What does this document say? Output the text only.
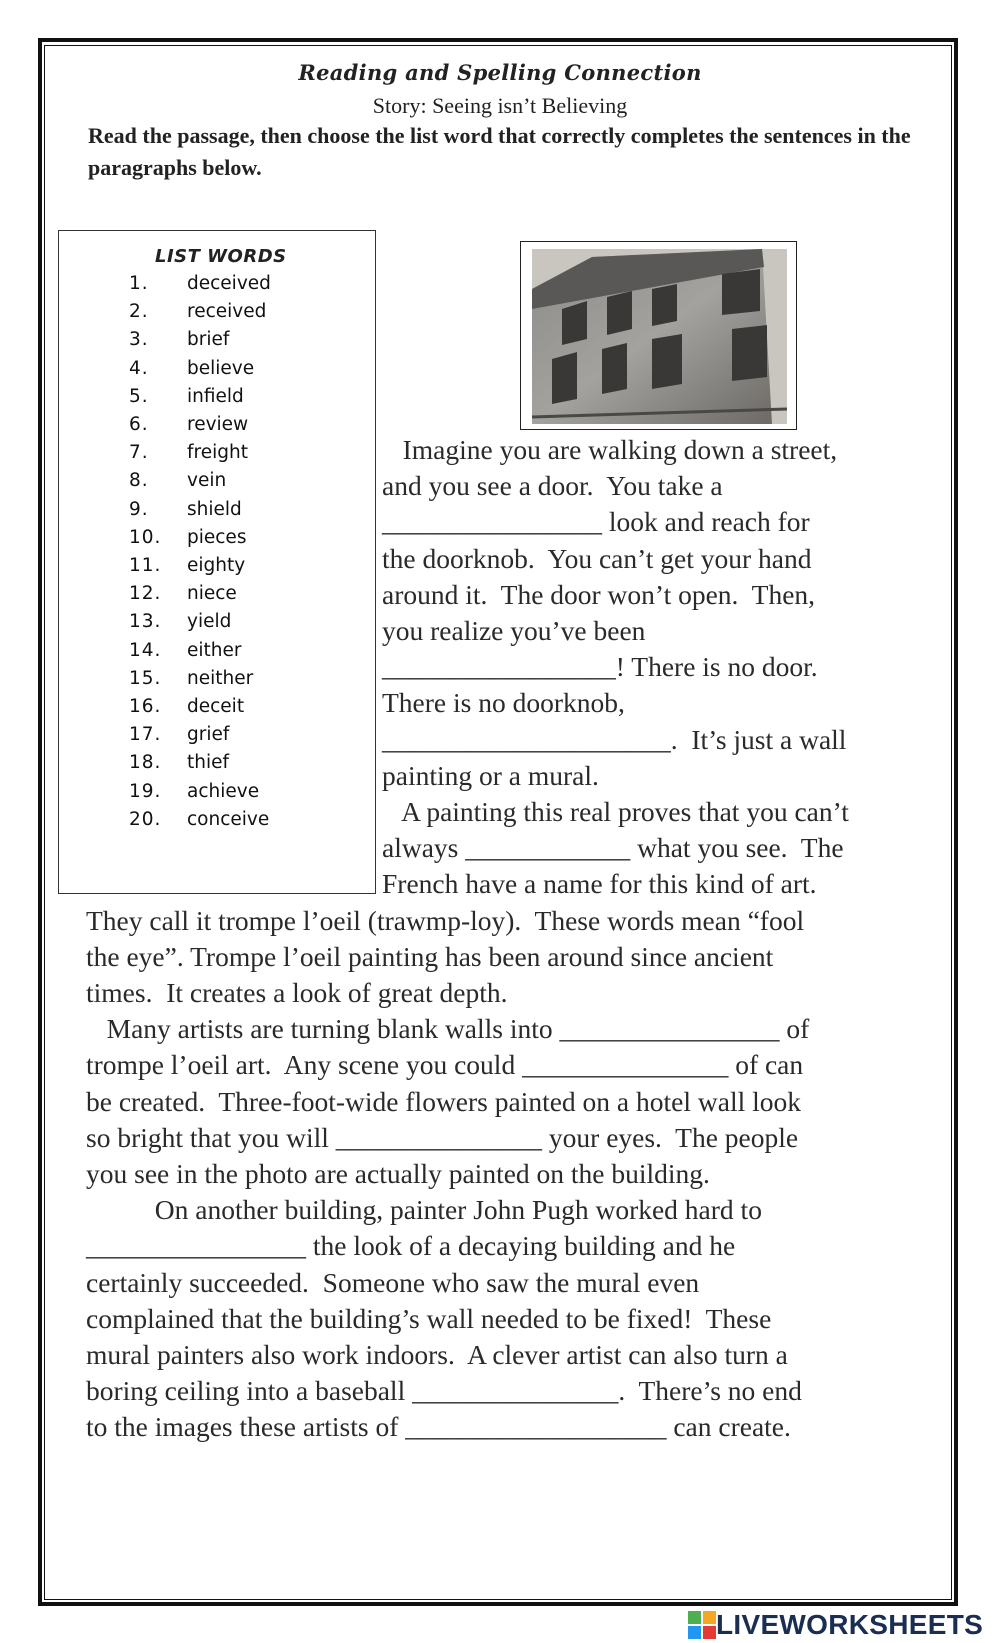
Reading and Spelling Connection
Story: Seeing isn’t Believing
Read the passage, then choose the list word that correctly completes the sentences in the paragraphs below.
LIST WORDS
1. deceived
2. received
3. brief
4. believe
5. infield
6. review
7. freight
8. vein
9. shield
10. pieces
11. eighty
12. niece
13. yield
14. either
15. neither
16. deceit
17. grief
18. thief
19. achieve
20. conceive
Imagine you are walking down a street,
and you see a door.  You take a
________________ look and reach for
the doorknob.  You can’t get your hand
around it.  The door won’t open.  Then,
you realize you’ve been
_________________! There is no door.
There is no doorknob,
_____________________.  It’s just a wall
painting or a mural.
A painting this real proves that you can’t
always ____________ what you see.  The
French have a name for this kind of art.
They call it trompe l’oeil (trawmp-loy).  These words mean “fool
the eye”. Trompe l’oeil painting has been around since ancient
times.  It creates a look of great depth.
Many artists are turning blank walls into ________________ of
trompe l’oeil art.  Any scene you could _______________ of can
be created.  Three-foot-wide flowers painted on a hotel wall look
so bright that you will _______________ your eyes.  The people
you see in the photo are actually painted on the building.
On another building, painter John Pugh worked hard to
________________ the look of a decaying building and he
certainly succeeded.  Someone who saw the mural even
complained that the building’s wall needed to be fixed!  These
mural painters also work indoors.  A clever artist can also turn a
boring ceiling into a baseball _______________.  There’s no end
to the images these artists of ___________________ can create.
LIVEWORKSHEETS
